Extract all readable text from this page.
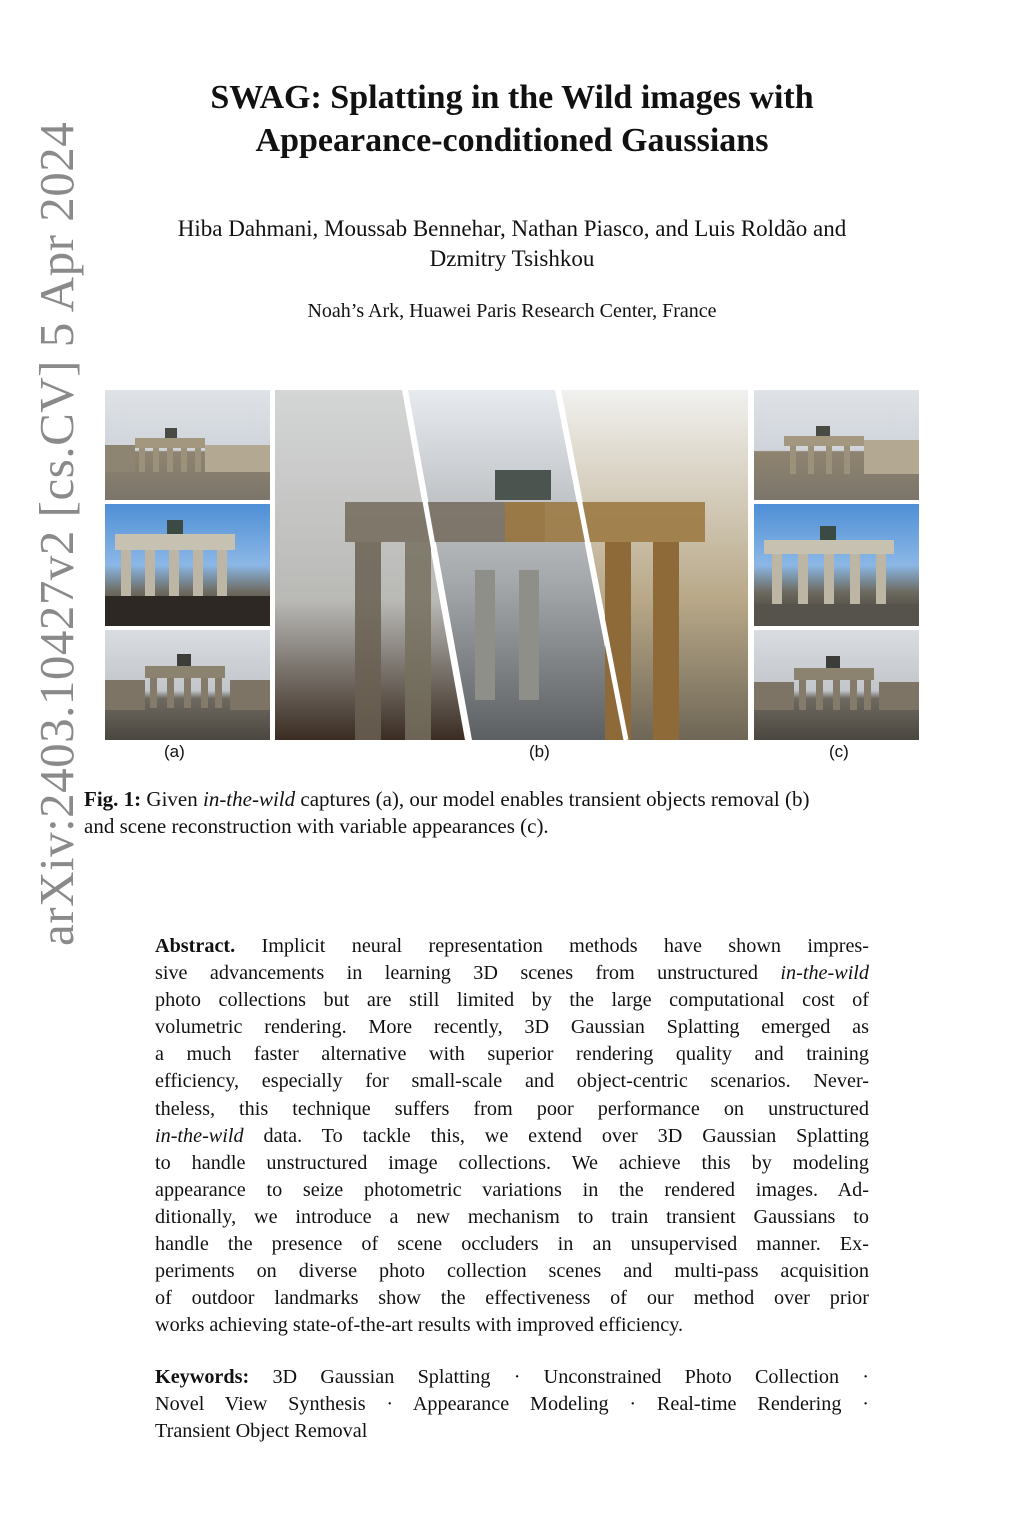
arXiv:2403.10427v2 [cs.CV] 5 Apr 2024
SWAG: Splatting in the Wild images with
Appearance-conditioned Gaussians
Hiba Dahmani, Moussab Bennehar, Nathan Piasco, and Luis Roldão and
Dzmitry Tsishkou
Noah’s Ark, Huawei Paris Research Center, France
(a)	(b)	(c)
Fig. 1: Given in-the-wild captures (a), our model enables transient objects removal (b)
and scene reconstruction with variable appearances (c).
Abstract. Implicit neural representation methods have shown impres-
sive advancements in learning 3D scenes from unstructured in-the-wild
photo collections but are still limited by the large computational cost of
volumetric rendering. More recently, 3D Gaussian Splatting emerged as
a much faster alternative with superior rendering quality and training
efficiency, especially for small-scale and object-centric scenarios. Never-
theless, this technique suffers from poor performance on unstructured
in-the-wild data. To tackle this, we extend over 3D Gaussian Splatting
to handle unstructured image collections. We achieve this by modeling
appearance to seize photometric variations in the rendered images. Ad-
ditionally, we introduce a new mechanism to train transient Gaussians to
handle the presence of scene occluders in an unsupervised manner. Ex-
periments on diverse photo collection scenes and multi-pass acquisition
of outdoor landmarks show the effectiveness of our method over prior
works achieving state-of-the-art results with improved efficiency.
Keywords: 3D Gaussian Splatting · Unconstrained Photo Collection ·
Novel View Synthesis · Appearance Modeling · Real-time Rendering ·
Transient Object Removal
